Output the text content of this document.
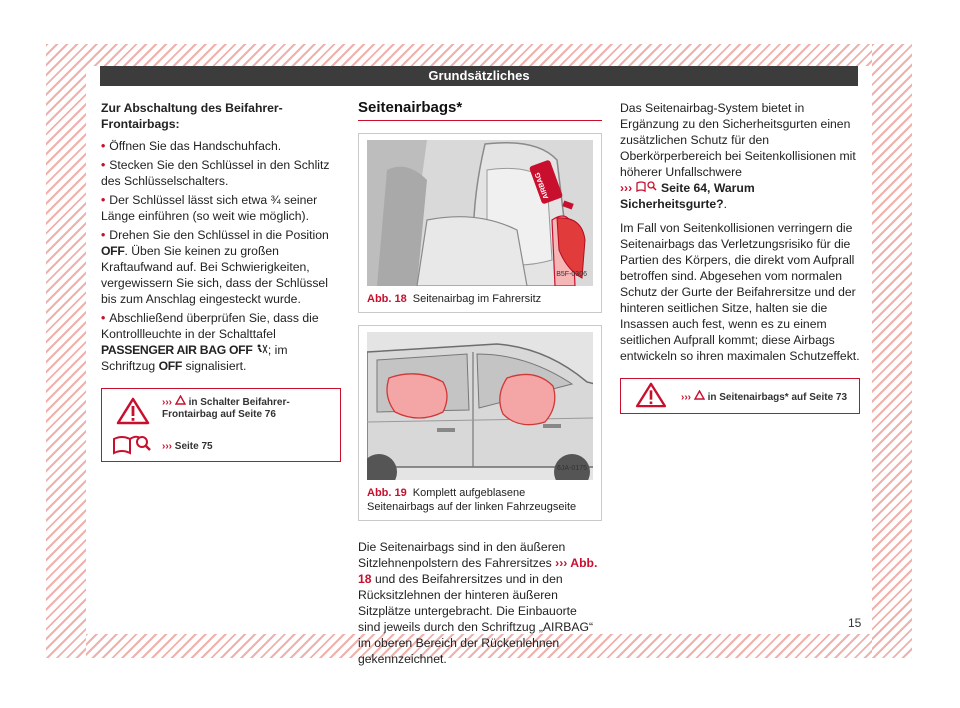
Grundsätzliches
Zur Abschaltung des Beifahrer-Frontairbags:
• Öffnen Sie das Handschuhfach.
• Stecken Sie den Schlüssel in den Schlitz des Schlüsselschalters.
• Der Schlüssel lässt sich etwa ¾ seiner Länge einführen (so weit wie möglich).
• Drehen Sie den Schlüssel in die Position OFF. Üben Sie keinen zu großen Kraftaufwand auf. Bei Schwierigkeiten, vergewissern Sie sich, dass der Schlüssel bis zum Anschlag eingesteckt wurde.
• Abschließend überprüfen Sie, dass die Kontrollleuchte in der Schalttafel PASSENGER AIR BAG OFF ; im Schriftzug OFF signalisiert.
››› in Schalter Beifahrer-Frontairbag auf Seite 76
››› Seite 75
Seitenairbags*
AIRBAG
B5F-0306
Abb. 18 Seitenairbag im Fahrersitz
6JA-0175
Abb. 19 Komplett aufgeblasene Seitenairbags auf der linken Fahrzeugseite
Die Seitenairbags sind in den äußeren Sitzlehnenpolstern des Fahrersitzes ››› Abb. 18 und des Beifahrersitzes und in den Rücksitzlehnen der hinteren äußeren Sitzplätze untergebracht. Die Einbauorte sind jeweils durch den Schriftzug „AIRBAG“ im oberen Bereich der Rückenlehnen gekennzeichnet.
Das Seitenairbag-System bietet in Ergänzung zu den Sicherheitsgurten einen zusätzlichen Schutz für den Oberkörperbereich bei Seitenkollisionen mit höherer Unfallschwere
››› Seite 64, Warum Sicherheitsgurte?.
Im Fall von Seitenkollisionen verringern die Seitenairbags das Verletzungsrisiko für die Partien des Körpers, die direkt vom Aufprall betroffen sind. Abgesehen vom normalen Schutz der Gurte der Beifahrersitze und der hinteren seitlichen Sitze, halten sie die Insassen auch fest, wenn es zu einem seitlichen Aufprall kommt; diese Airbags entwickeln so ihren maximalen Schutzeffekt.
››› in Seitenairbags* auf Seite 73
15
